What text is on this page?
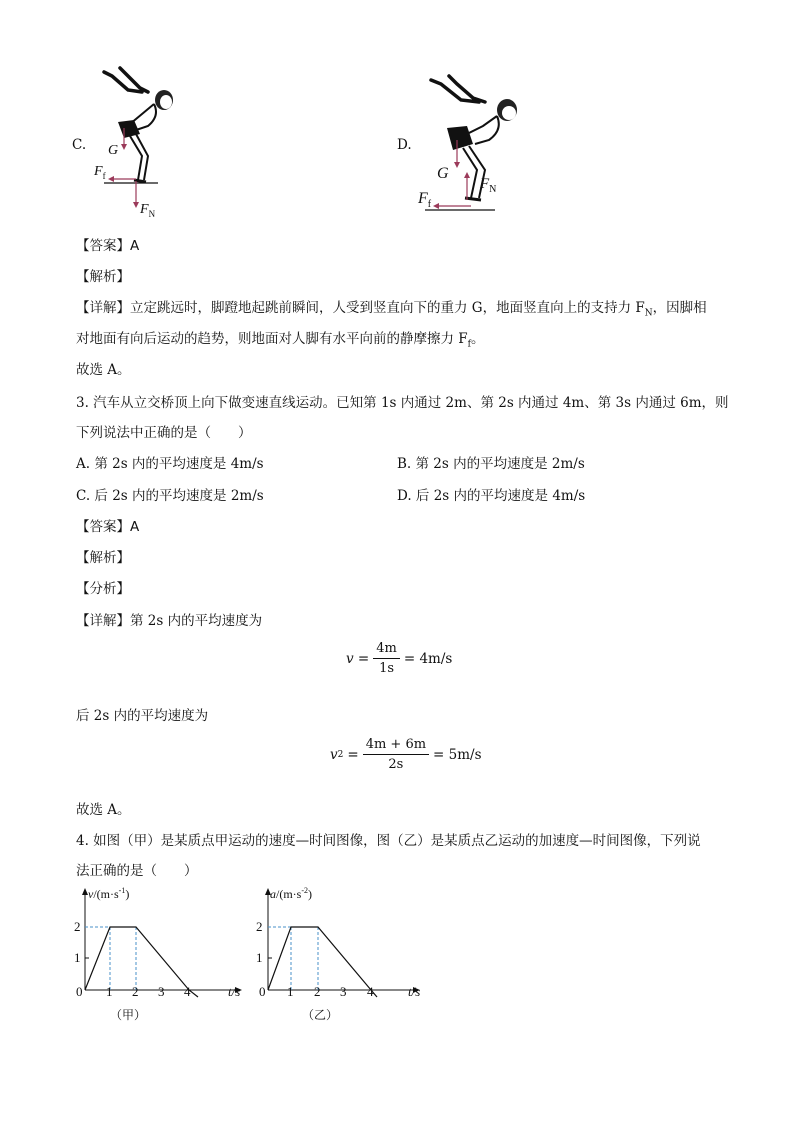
C. G
$F_f$
$F_N$
D.
G
$F_N$
$F_f$
【答案】A
【解析】
【详解】立定跳远时，脚蹬地起跳前瞬间，人受到竖直向下的重力 G，地面竖直向上的支持力 $F_N$，因脚相
对地面有向后运动的趋势，则地面对人脚有水平向前的静摩擦力 $F_f$。
故选 A。
3. 汽车从立交桥顶上向下做变速直线运动。已知第 1s 内通过 2m、第 2s 内通过 4m、第 3s 内通过 6m，则
下列说法中正确的是（　　）
A. 第 2s 内的平均速度是 4m/s	B. 第 2s 内的平均速度是 2m/s
C. 后 2s 内的平均速度是 2m/s	D. 后 2s 内的平均速度是 4m/s
【答案】A
【解析】
【分析】
【详解】第 2s 内的平均速度为
$v = \frac{4m}{1s} = 4m/s$
后 2s 内的平均速度为
v $2 = \frac{4m + 6m}{2s} = 5m/s$
故选 A。
4. 如图（甲）是某质点甲运动的速度—时间图像，图（乙）是某质点乙运动的加速度—时间图像，下列说
法正确的是（　　）
$v/(m\cdot s^{-1})$
t/s
0 1 2 3 4
1
2
（甲）
$a/(m\cdot s^{-2})$
t/s
0 1 2 3 4
1
2
（乙）
